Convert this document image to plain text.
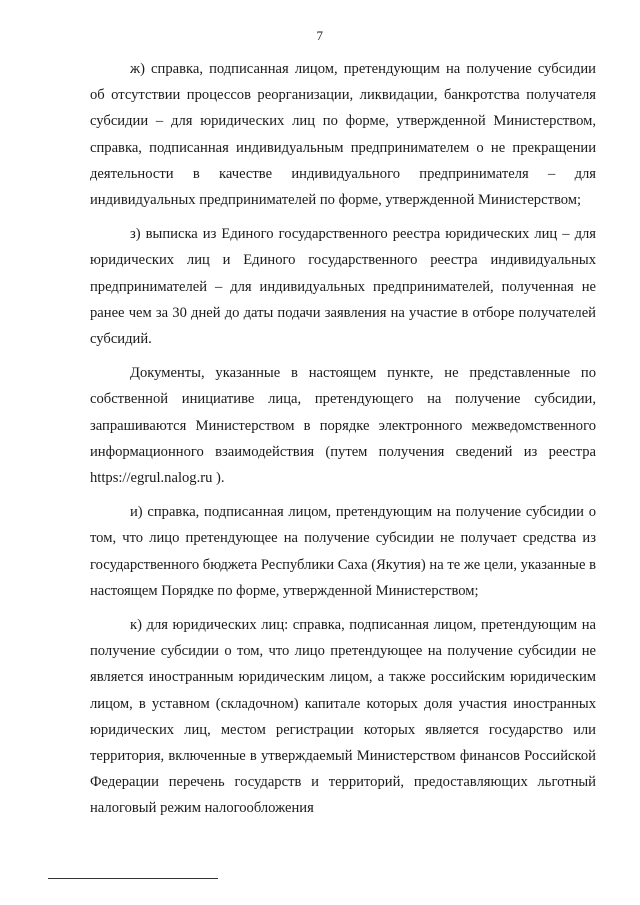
7

ж) справка, подписанная лицом, претендующим на получение субсидии об отсутствии процессов реорганизации, ликвидации, банкротства получателя субсидии – для юридических лиц по форме, утвержденной Министерством, справка, подписанная индивидуальным предпринимателем о не прекращении деятельности в качестве индивидуального предпринимателя – для индивидуальных предпринимателей по форме, утвержденной Министерством;

з) выписка из Единого государственного реестра юридических лиц – для юридических лиц и Единого государственного реестра индивидуальных предпринимателей – для индивидуальных предпринимателей, полученная не ранее чем за 30 дней до даты подачи заявления на участие в отборе получателей субсидий.

Документы, указанные в настоящем пункте, не представленные по собственной инициативе лица, претендующего на получение субсидии, запрашиваются Министерством в порядке электронного межведомственного информационного взаимодействия (путем получения сведений из реестра https://egrul.nalog.ru ).

и) справка, подписанная лицом, претендующим на получение субсидии о том, что лицо претендующее на получение субсидии не получает средства из государственного бюджета Республики Саха (Якутия) на те же цели, указанные в настоящем Порядке по форме, утвержденной Министерством;

к) для юридических лиц: справка, подписанная лицом, претендующим на получение субсидии о том, что лицо претендующее на получение субсидии не является иностранным юридическим лицом, а также российским юридическим лицом, в уставном (складочном) капитале которых доля участия иностранных юридических лиц, местом регистрации которых является государство или территория, включенные в утверждаемый Министерством финансов Российской Федерации перечень государств и территорий, предоставляющих льготный налоговый режим налогообложения
